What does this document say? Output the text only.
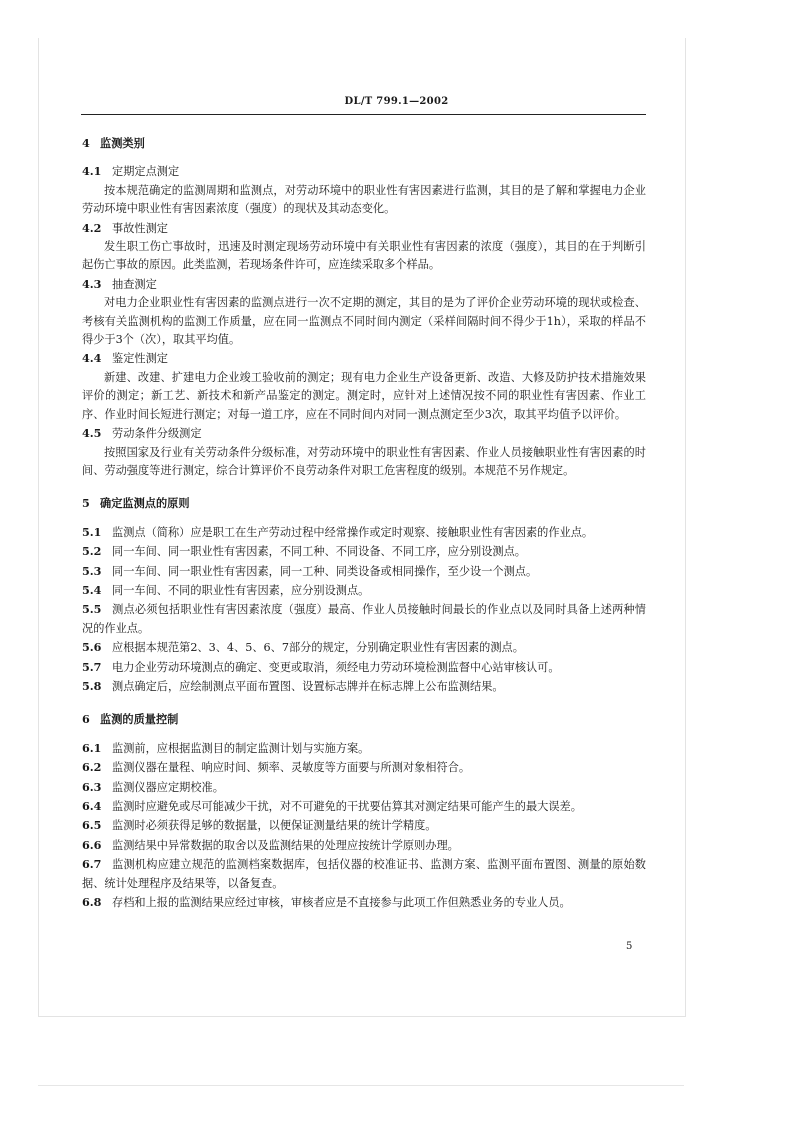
DL/T 799.1—2002
4 监测类别
4.1 定期定点测定
按本规范确定的监测周期和监测点，对劳动环境中的职业性有害因素进行监测，其目的是了解和掌握电力企业劳动环境中职业性有害因素浓度（强度）的现状及其动态变化。
4.2 事故性测定
发生职工伤亡事故时，迅速及时测定现场劳动环境中有关职业性有害因素的浓度（强度），其目的在于判断引起伤亡事故的原因。此类监测，若现场条件许可，应连续采取多个样品。
4.3 抽查测定
对电力企业职业性有害因素的监测点进行一次不定期的测定，其目的是为了评价企业劳动环境的现状或检查、考核有关监测机构的监测工作质量，应在同一监测点不同时间内测定（采样间隔时间不得少于1h），采取的样品不得少于3个（次），取其平均值。
4.4 鉴定性测定
新建、改建、扩建电力企业竣工验收前的测定；现有电力企业生产设备更新、改造、大修及防护技术措施效果评价的测定；新工艺、新技术和新产品鉴定的测定。测定时，应针对上述情况按不同的职业性有害因素、作业工序、作业时间长短进行测定；对每一道工序，应在不同时间内对同一测点测定至少3次，取其平均值予以评价。
4.5 劳动条件分级测定
按照国家及行业有关劳动条件分级标准，对劳动环境中的职业性有害因素、作业人员接触职业性有害因素的时间、劳动强度等进行测定，综合计算评价不良劳动条件对职工危害程度的级别。本规范不另作规定。
5 确定监测点的原则
5.1 监测点（简称）应是职工在生产劳动过程中经常操作或定时观察、接触职业性有害因素的作业点。
5.2 同一车间、同一职业性有害因素，不同工种、不同设备、不同工序，应分别设测点。
5.3 同一车间、同一职业性有害因素，同一工种、同类设备或相同操作，至少设一个测点。
5.4 同一车间、不同的职业性有害因素，应分别设测点。
5.5 测点必须包括职业性有害因素浓度（强度）最高、作业人员接触时间最长的作业点以及同时具备上述两种情况的作业点。
5.6 应根据本规范第2、3、4、5、6、7部分的规定，分别确定职业性有害因素的测点。
5.7 电力企业劳动环境测点的确定、变更或取消，须经电力劳动环境检测监督中心站审核认可。
5.8 测点确定后，应绘制测点平面布置图、设置标志牌并在标志牌上公布监测结果。
6 监测的质量控制
6.1 监测前，应根据监测目的制定监测计划与实施方案。
6.2 监测仪器在量程、响应时间、频率、灵敏度等方面要与所测对象相符合。
6.3 监测仪器应定期校准。
6.4 监测时应避免或尽可能减少干扰，对不可避免的干扰要估算其对测定结果可能产生的最大误差。
6.5 监测时必须获得足够的数据量，以便保证测量结果的统计学精度。
6.6 监测结果中异常数据的取舍以及监测结果的处理应按统计学原则办理。
6.7 监测机构应建立规范的监测档案数据库，包括仪器的校准证书、监测方案、监测平面布置图、测量的原始数据、统计处理程序及结果等，以备复查。
6.8 存档和上报的监测结果应经过审核，审核者应是不直接参与此项工作但熟悉业务的专业人员。
5
